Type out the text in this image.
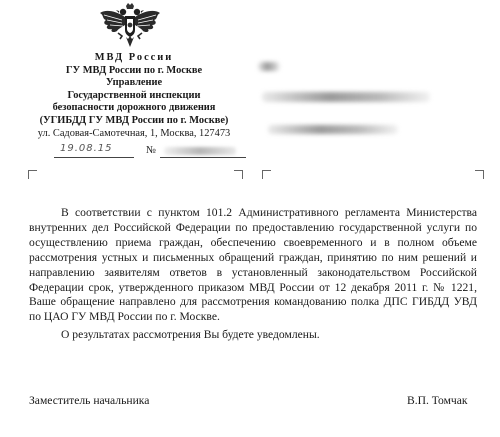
МВД России
ГУ МВД России по г. Москве
Управление
Государственной инспекции
безопасности дорожного движения
(УГИБДД ГУ МВД России по г. Москве)
ул. Садовая-Самотечная, 1, Москва, 127473
19.08.15	№

В соответствии с пунктом 101.2 Административного регламента Министерства внутренних дел Российской Федерации по предоставлению государственной услуги по осуществлению приема граждан, обеспечению своевременного и в полном объеме рассмотрения устных и письменных обращений граждан, принятию по ним решений и направлению заявителям ответов в установленный законодательством Российской Федерации срок, утвержденного приказом МВД России от 12 декабря 2011 г. № 1221, Ваше обращение направлено для рассмотрения командованию полка ДПС ГИБДД УВД по ЦАО ГУ МВД России по г. Москве.

О результатах рассмотрения Вы будете уведомлены.

Заместитель начальника	В.П. Томчак
